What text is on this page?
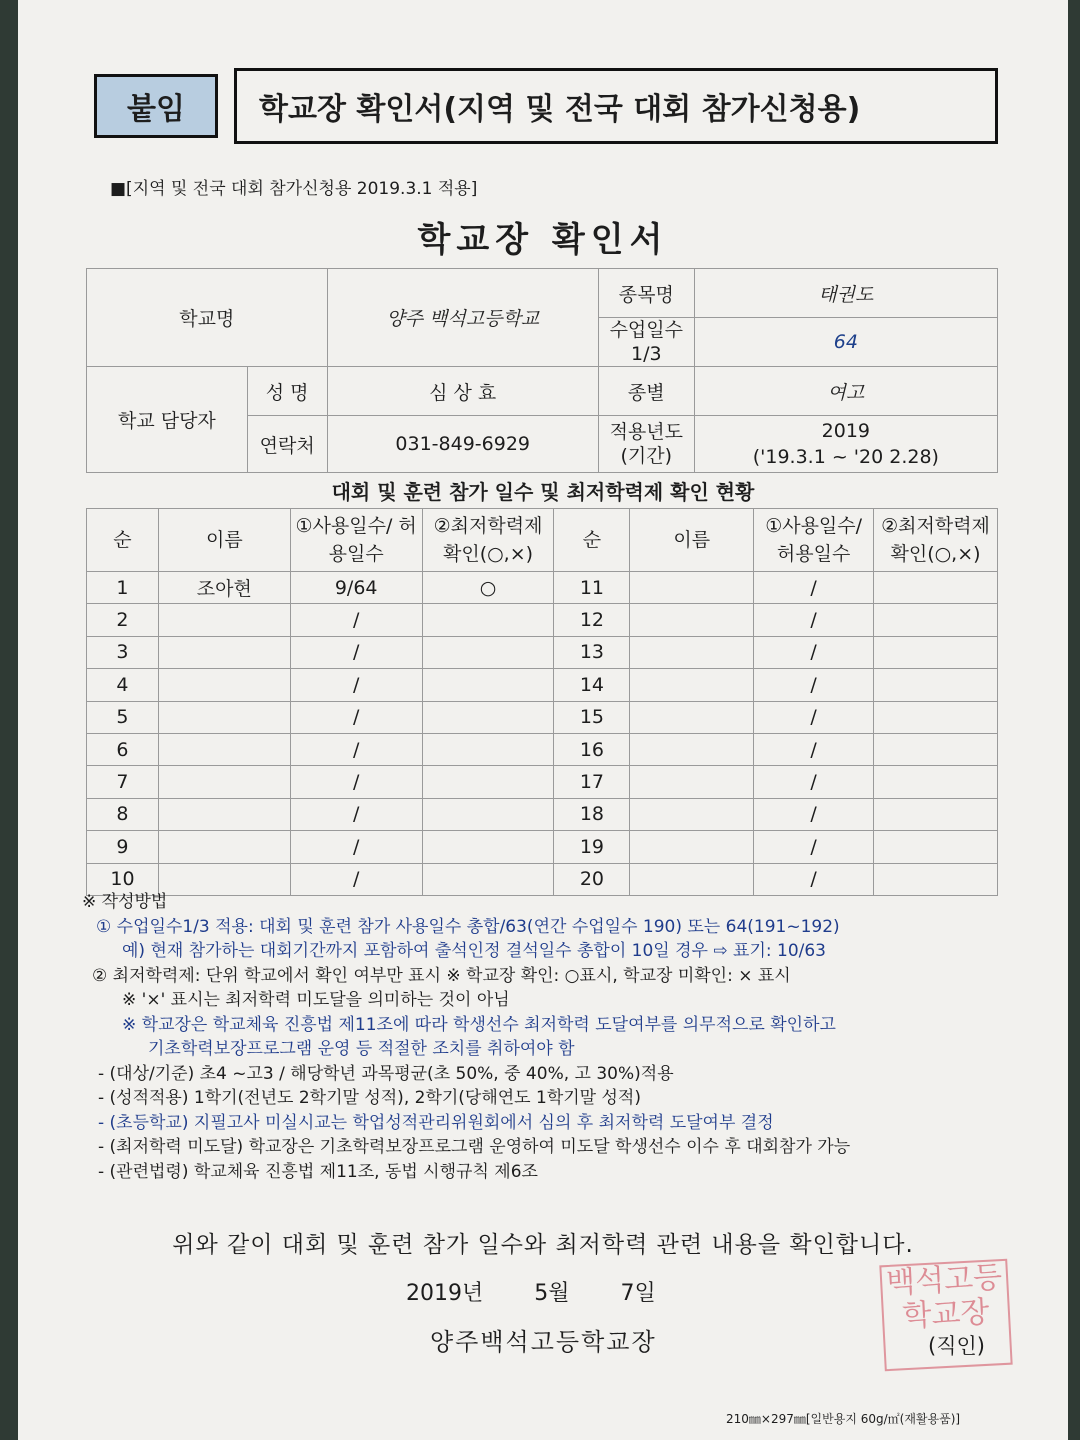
붙임	학교장 확인서(지역 및 전국 대회 참가신청용)
■[지역 및 전국 대회 참가신청용 2019.3.1 적용]
학교장 확인서
학교명		양주 백석고등학교	종목명	태권도
			수업일수 1/3	64
학교 담당자	성 명	심 상 효	종별	여고
	연락처	031-849-6929	적용년도 (기간)	2019
('19.3.1 ~ '20 2.28)
대회 및 훈련 참가 일수 및 최저학력제 확인 현황
순	이름	①사용일수/ 허용일수	②최저학력제 확인(○,×)	순	이름	①사용일수/ 허용일수	②최저학력제 확인(○,×)
1	조아현	9/64	○	11		/	
2		/		12		/	
3		/		13		/	
4		/		14		/	
5		/		15		/	
6		/		16		/	
7		/		17		/	
8		/		18		/	
9		/		19		/	
10		/		20		/	
※ 작성방법
① 수업일수1/3 적용: 대회 및 훈련 참가 사용일수 총합/63(연간 수업일수 190) 또는 64(191~192)
예) 현재 참가하는 대회기간까지 포함하여 출석인정 결석일수 총합이 10일 경우 ⇨ 표기: 10/63
② 최저학력제: 단위 학교에서 확인 여부만 표시 ※ 학교장 확인: ○표시, 학교장 미확인: × 표시
※ '×' 표시는 최저학력 미도달을 의미하는 것이 아님
※ 학교장은 학교체육 진흥법 제11조에 따라 학생선수 최저학력 도달여부를 의무적으로 확인하고
기초학력보장프로그램 운영 등 적절한 조치를 취하여야 함
- (대상/기준) 초4 ~고3 / 해당학년 과목평균(초 50%, 중 40%, 고 30%)적용
- (성적적용) 1학기(전년도 2학기말 성적), 2학기(당해연도 1학기말 성적)
- (초등학교) 지필고사 미실시교는 학업성적관리위원회에서 심의 후 최저학력 도달여부 결정
- (최저학력 미도달) 학교장은 기초학력보장프로그램 운영하여 미도달 학생선수 이수 후 대회참가 가능
- (관련법령) 학교체육 진흥법 제11조, 동법 시행규칙 제6조
위와 같이 대회 및 훈련 참가 일수와 최저학력 관련 내용을 확인합니다.
2019년 5월 7일
양주백석고등학교장
백석고등학교장
(직인)
210㎜×297㎜[일반용지 60g/㎡(재활용품)]
